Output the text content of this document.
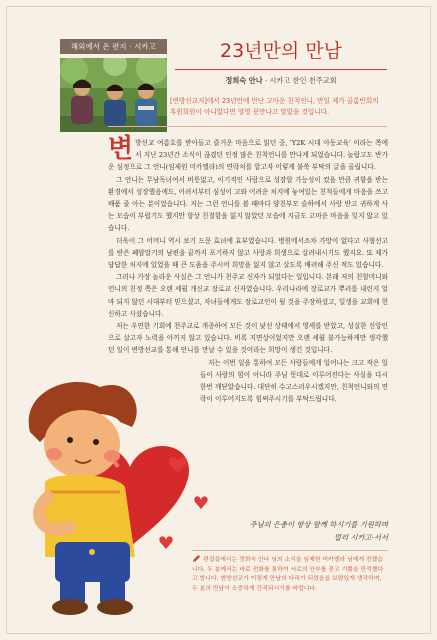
해외에서 온 편지 · 시카고	23년만의 만남
정희숙 안나 · 시카고 한인 천주교회
[변방선교지]에서 23년만에 만난 고마운 친척언니, 만일 제가 골롬반회의 후원회원이 아니었다면 영영 못만나고 말았을 것입니다.

변방선교 여름호를 받아들고 즐거운 마음으로 읽던 중, 'Y2K 시대 아동교육' 이라는 쪽에서 지난 23년간 소식이 끊겼던 인정 많은 친척언니를 만나게 되었습니다. 놀랍고도 반가운 심정으로 그 언니(임제원 미카엘라)의 연락처를 알고자 이렇게 불쑥 부탁의 글을 올립니다.

그 언니는 무남독녀여서 버릇없고, 이기적인 사람으로 성장할 가능성이 컸을 만큼 귀함을 받는 환경에서 성장했음에도, 어려서부터 심성이 고와 어려운 처지에 놓여있는 친척들에게 마음을 쓰고 배품 줄 아는 분이었습니다. 저는 그런 언니를 볼 때마다 양친부모 슬하에서 사랑 받고 귀하게 사는 모습이 부럽기도 했지만 항상 친절함을 잃지 않았던 모습에 지금도 고마운 마음을 잊지 않고 있습니다.

더욱이 그 어머니 역시 보기 드문 효녀에 효부였습니다. 병원에서조차 가망이 없다고 사형선고를 받은 폐암말기의 남편을 끝까지 포기하지 않고 사랑과 희생으로 살려내시기도 했지요. 또 제가 답답한 처지에 있었을 때 큰 도움을 주시어 희망을 잃지 않고 살도록 배려해 주신 적도 있습니다.

그러나 가장 놀라운 사실은 그 언니가 천주교 신자가 되었다는 일입니다. 본래 저의 친할머니와 언니의 친정 쪽은 오랜 세월 개신교 장로교 신자였습니다. 우리나라에 장로교가 뿌리를 내린지 얼마 되지 않던 시대부터 믿으셨고, 자녀들에게도 장로교인이 될 것을 주장하셨고, 일생을 교회에 헌신하고 사셨습니다.

저는 우연한 기회에 천주교로 개종하여 모든 것이 낯선 상태에서 영세를 받았고, 성실한 신앙인으로 살고자 노력을 아끼지 않고 있습니다. 비록 지면상이었지만 오랜 세월 불가능하게만 생각했던 일이 변방선교를 통해 언니를 만날 수 있을 것이라는 희망이 생긴 것입니다.

저는 이번 일을 통하여 모든 사람들에게 일어나는 크고 작은 일들이 사람의 힘이 아니라 주님 뜻대로 이루어진다는 사실을 다시 한번 깨닫았습니다. 대단히 수고스러우시겠지만, 친척언니와의 연락이 이루어지도록 힘써주시기를 부탁드립니다.

주님의 은총이 항상 함께 하시기를 기원하며
멀리 시카고·서서
편집실에서는 정희숙 안나 님의 소식을 임제원 미카엘라 님에게 전했습니다. 두 분께서는 바로 전화를 통하여 서로의 안부를 묻고 기쁨을 만끽했다고 합니다. 변방선교가 이렇게 만남의 다리가 되었음을 보람있게 생각하며, 두 분의 만남이 소중하게 간직되시기를 바랍니다.
